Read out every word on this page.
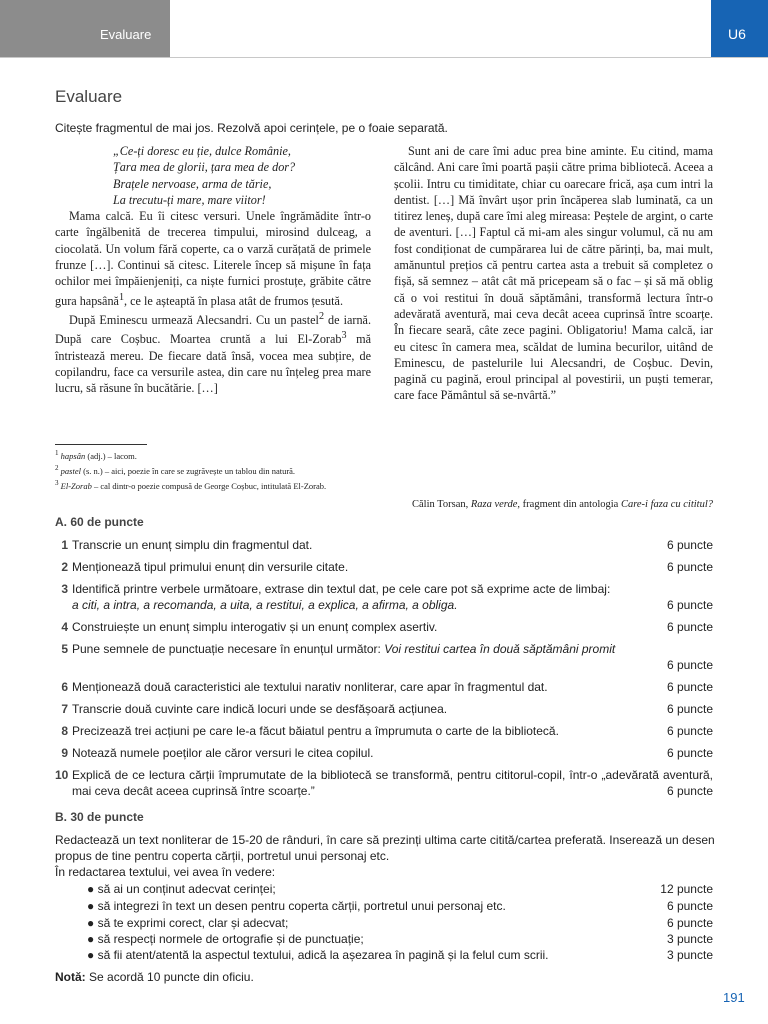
Evaluare	U6
Evaluare
Citește fragmentul de mai jos. Rezolvă apoi cerințele, pe o foaie separată.

„Ce-ți doresc eu ție, dulce Românie,

Țara mea de glorii, țara mea de dor?

Brațele nervoase, arma de tărie,

La trecutu-ți mare, mare viitor!

Mama calcă. Eu îi citesc versuri. Unele îngrămădite într-o carte îngălbenită de trecerea timpului, mirosind dulceag, a ciocolată. Un volum fără coperte, ca o varză curățată de primele frunze […]. Continui să citesc. Literele încep să mișune în fața ochilor mei împăienjeniți, ca niște furnici prostuțe, grăbite către gura hapsână$^1$, ce le așteaptă în plasa atât de frumos țesută.

După Eminescu urmează Alecsandri. Cu un pastel$^2$ de iarnă. După care Coșbuc. Moartea cruntă a lui El-Zorab$^3$ mă întristează mereu. De fiecare dată însă, vocea mea subțire, de copilandru, face ca versurile astea, din care nu înțeleg prea mare lucru, să răsune în bucătărie. […]

Sunt ani de care îmi aduc prea bine aminte. Eu citind, mama călcând. Ani care îmi poartă pașii către prima bibliotecă. Aceea a școlii. Intru cu timiditate, chiar cu oarecare frică, așa cum intri la dentist. […] Mă învârt ușor prin încăperea slab luminată, ca un titirez leneș, după care îmi aleg mireasa: Peștele de argint, o carte de aventuri. […] Faptul că mi-am ales singur volumul, că nu am fost condiționat de cumpărarea lui de către părinți, ba, mai mult, amănuntul prețios că pentru cartea asta a trebuit să completez o fișă, să semnez – atât cât mă pricepeam să o fac – și să mă oblig că o voi restitui în două săptămâni, transformă lectura într-o adevărată aventură, mai ceva decât aceea cuprinsă între scoarțe. În fiecare seară, câte zece pagini. Obligatoriu! Mama calcă, iar eu citesc în camera mea, scăldat de lumina becurilor, uitând de Eminescu, de pastelurile lui Alecsandri, de Coșbuc. Devin, pagină cu pagină, eroul principal al povestirii, un puști temerar, care face Pământul să se-nvârtă.”

$^1$ hapsân (adj.) – lacom.

$^2$ pastel (s. n.) – aici, poezie în care se zugrăvește un tablou din natură.

$^3$ El-Zorab – cal dintr-o poezie compusă de George Coșbuc, intitulată El-Zorab.

Călin Torsan, Raza verde, fragment din antologia Care-i faza cu cititul?
A. 60 de puncte
1 Transcrie un enunț simplu din fragmentul dat.	6 puncte
2 Menționează tipul primului enunț din versurile citate.	6 puncte
3 Identifică printre verbele următoare, extrase din textul dat, pe cele care pot să exprime acte de limbaj:
a citi, a intra, a recomanda, a uita, a restitui, a explica, a afirma, a obliga.	6 puncte
4 Construiește un enunț simplu interogativ și un enunț complex asertiv.	6 puncte
5 Pune semnele de punctuație necesare în enunțul următor: Voi restitui cartea în două săptămâni promit

6 puncte
6 Menționează două caracteristici ale textului narativ nonliterar, care apar în fragmentul dat.	6 puncte
7 Transcrie două cuvinte care indică locuri unde se desfășoară acțiunea.	6 puncte
8 Precizează trei acțiuni pe care le-a făcut băiatul pentru a împrumuta o carte de la bibliotecă.	6 puncte
9 Notează numele poeților ale căror versuri le citea copilul.	6 puncte
10 Explică de ce lectura cărții împrumutate de la bibliotecă se transformă, pentru cititorul-copil, într-o „adevărată aventură, mai ceva decât aceea cuprinsă între scoarțe.”	6 puncte
B. 30 de puncte
Redactează un text nonliterar de 15-20 de rânduri, în care să prezinți ultima carte citită/cartea preferată. Inserează un desen propus de tine pentru coperta cărții, portretul unui personaj etc.
În redactarea textului, vei avea în vedere:
● să ai un conținut adecvat cerinței;	12 puncte
● să integrezi în text un desen pentru coperta cărții, portretul unui personaj etc.	6 puncte
● să te exprimi corect, clar și adecvat;	6 puncte
● să respecți normele de ortografie și de punctuație;	3 puncte
● să fii atent/atentă la aspectul textului, adică la așezarea în pagină și la felul cum scrii.	3 puncte
Notă: Se acordă 10 puncte din oficiu.
191
